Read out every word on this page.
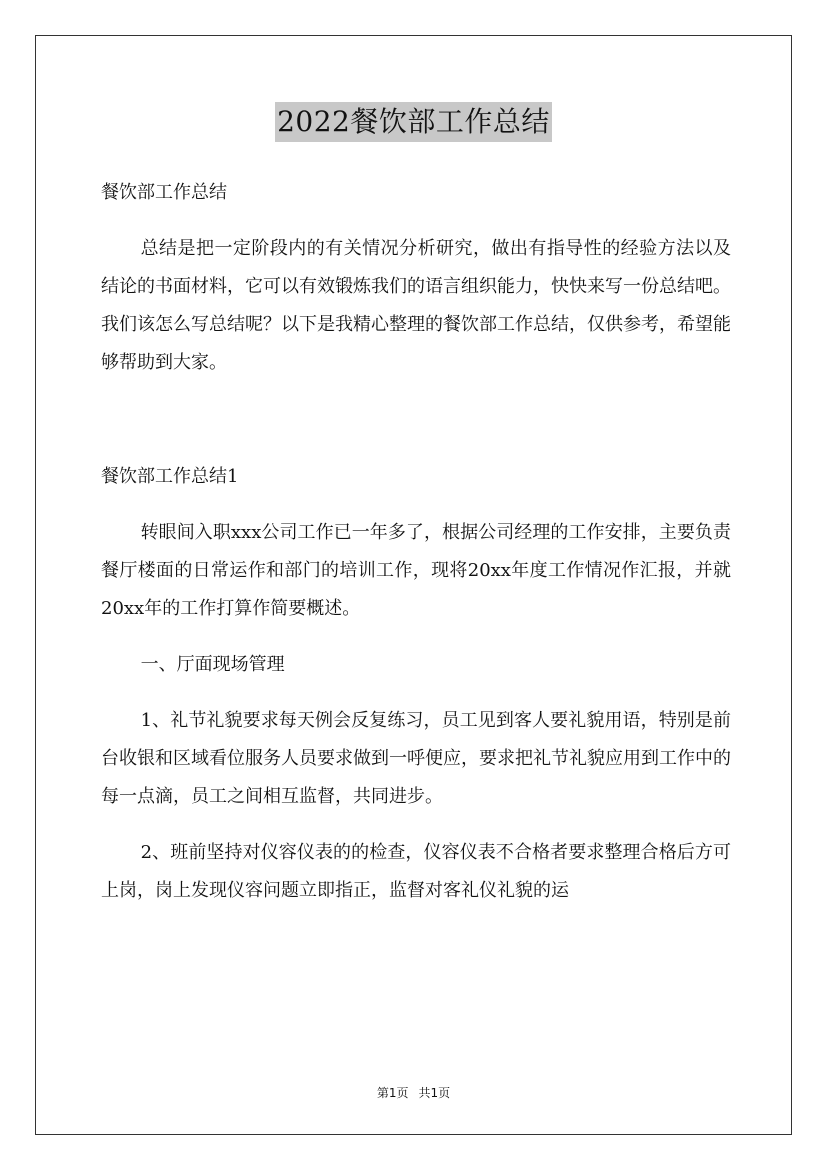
2022餐饮部工作总结

餐饮部工作总结

总结是把一定阶段内的有关情况分析研究，做出有指导性的经验方法以及结论的书面材料，它可以有效锻炼我们的语言组织能力，快快来写一份总结吧。我们该怎么写总结呢？以下是我精心整理的餐饮部工作总结，仅供参考，希望能够帮助到大家。

餐饮部工作总结1

转眼间入职xxx公司工作已一年多了，根据公司经理的工作安排，主要负责餐厅楼面的日常运作和部门的培训工作，现将20xx年度工作情况作汇报，并就20xx年的工作打算作简要概述。

一、厅面现场管理

1、礼节礼貌要求每天例会反复练习，员工见到客人要礼貌用语，特别是前台收银和区域看位服务人员要求做到一呼便应，要求把礼节礼貌应用到工作中的每一点滴，员工之间相互监督，共同进步。

2、班前坚持对仪容仪表的的检查，仪容仪表不合格者要求整理合格后方可上岗，岗上发现仪容问题立即指正，监督对客礼仪礼貌的运

第1页 共1页
